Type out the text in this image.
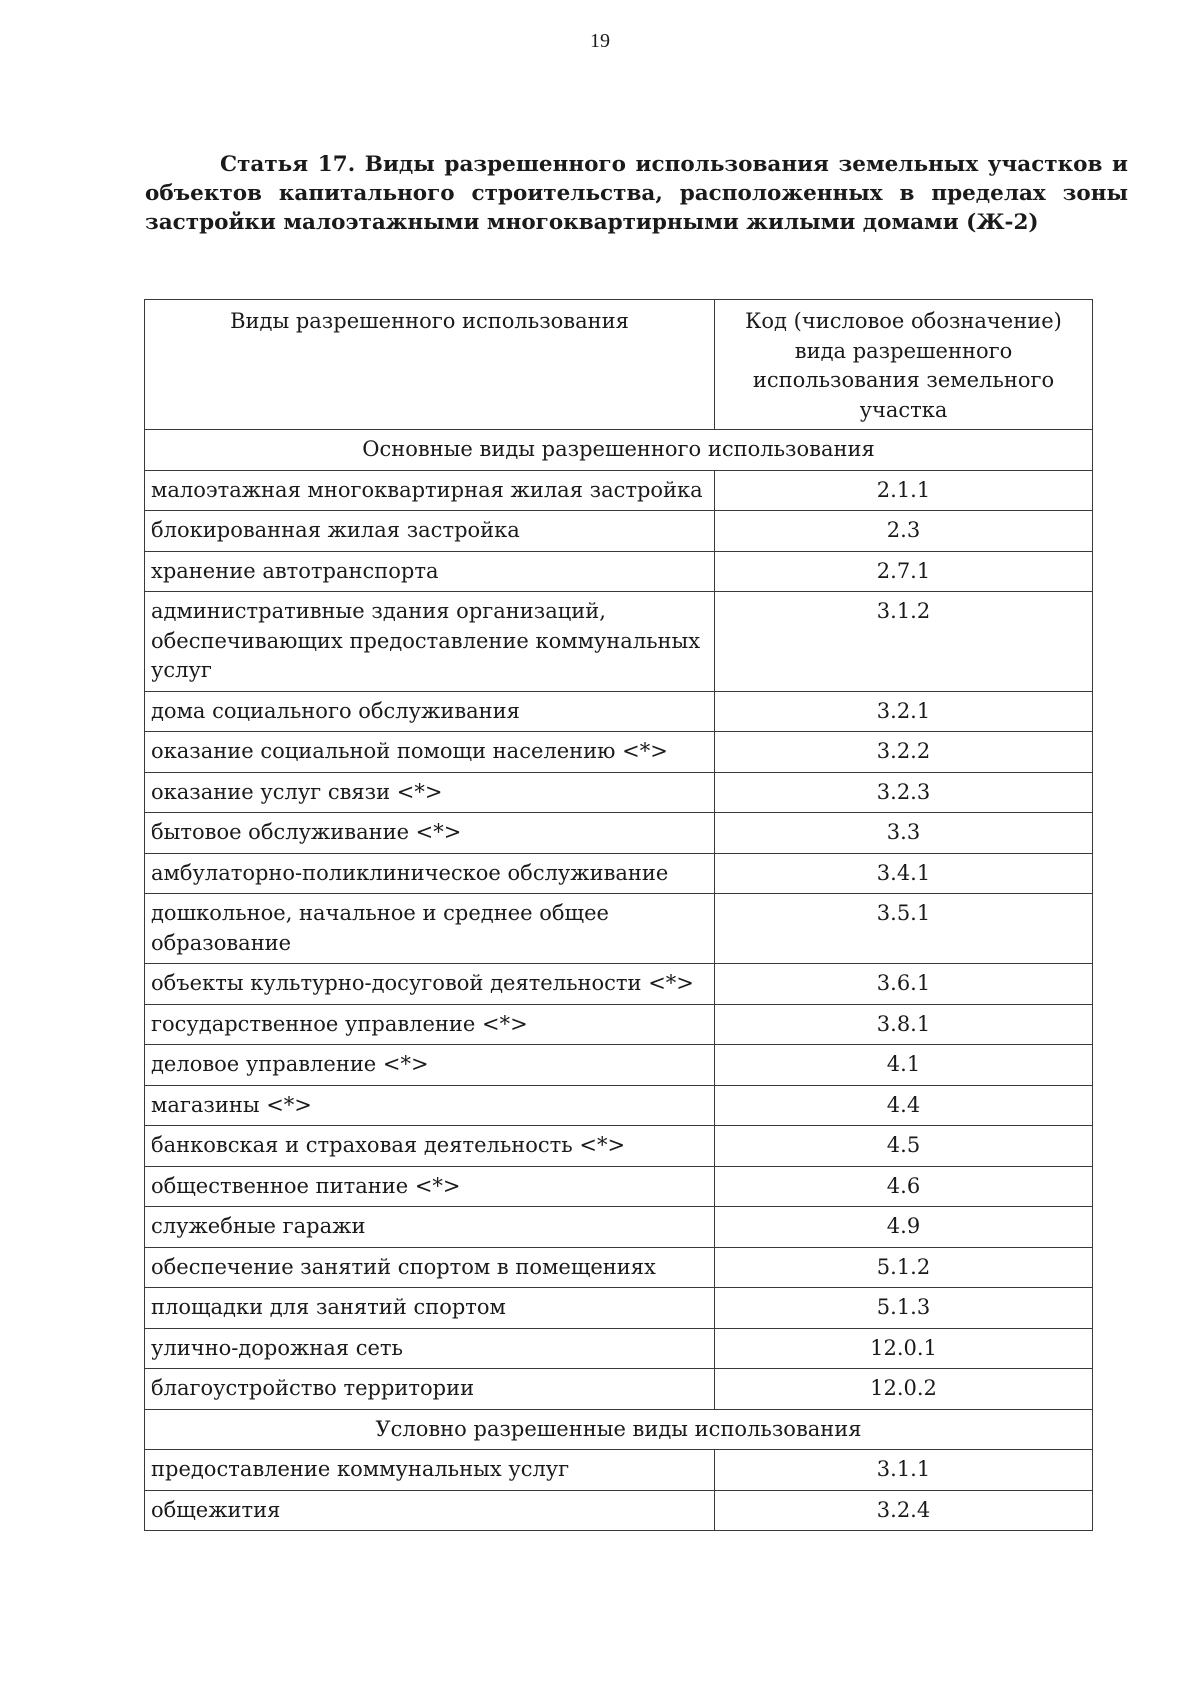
19
Статья 17. Виды разрешенного использования земельных участков и объектов капитального строительства, расположенных в пределах зоны застройки малоэтажными многоквартирными жилыми домами (Ж-2)
Виды разрешенного использования	Код (числовое обозначение) вида разрешенного использования земельного участка
Основные виды разрешенного использования	
малоэтажная многоквартирная жилая застройка	2.1.1
блокированная жилая застройка	2.3
хранение автотранспорта	2.7.1
административные здания организаций, обеспечивающих предоставление коммунальных услуг	3.1.2
дома социального обслуживания	3.2.1
оказание социальной помощи населению <*>	3.2.2
оказание услуг связи <*>	3.2.3
бытовое обслуживание <*>	3.3
амбулаторно-поликлиническое обслуживание	3.4.1
дошкольное, начальное и среднее общее образование	3.5.1
объекты культурно-досуговой деятельности <*>	3.6.1
государственное управление <*>	3.8.1
деловое управление <*>	4.1
магазины <*>	4.4
банковская и страховая деятельность <*>	4.5
общественное питание <*>	4.6
служебные гаражи	4.9
обеспечение занятий спортом в помещениях	5.1.2
площадки для занятий спортом	5.1.3
улично-дорожная сеть	12.0.1
благоустройство территории	12.0.2
Условно разрешенные виды использования	
предоставление коммунальных услуг	3.1.1
общежития	3.2.4
